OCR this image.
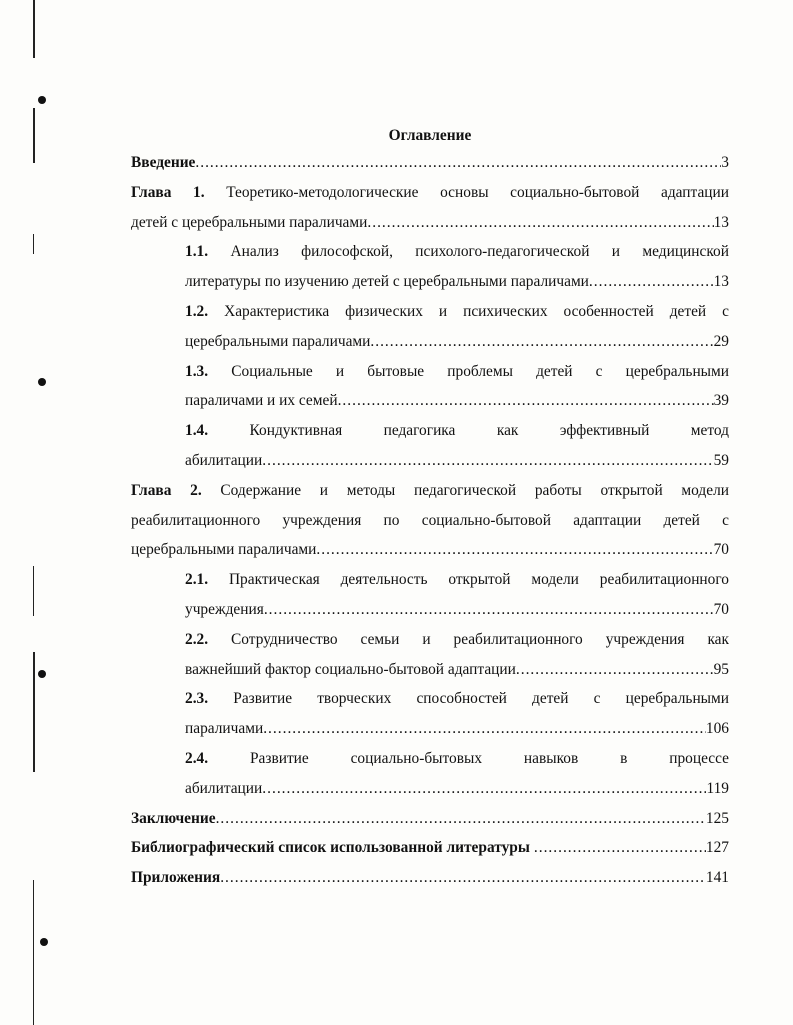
Оглавление
Введение .....	3
Глава 1. Теоретико-методологические основы социально-бытовой адаптации
детей с церебральными параличами .....	13
1.1. Анализ философской, психолого-педагогической и медицинской
литературы по изучению детей с церебральными параличами .....	13
1.2. Характеристика физических и психических особенностей детей с
церебральными параличами .....	29
1.3. Социальные и бытовые проблемы детей с церебральными
параличами и их семей .....	39
1.4.	Кондуктивная педагогика как эффективный метод
абилитации .....	59
Глава 2. Содержание и методы педагогической работы открытой модели
реабилитационного учреждения по социально-бытовой адаптации детей с
церебральными параличами .....	70
2.1. Практическая деятельность открытой модели реабилитационного
учреждения .....	70
2.2. Сотрудничество семьи и реабилитационного учреждения как
важнейший фактор социально-бытовой адаптации .....	95
2.3. Развитие творческих способностей детей с церебральными
параличами .....	106
2.4.	Развитие социально-бытовых навыков в процессе
абилитации .....	119
Заключение .....	125
Библиографический список использованной литературы .....	127
Приложения .....	141
